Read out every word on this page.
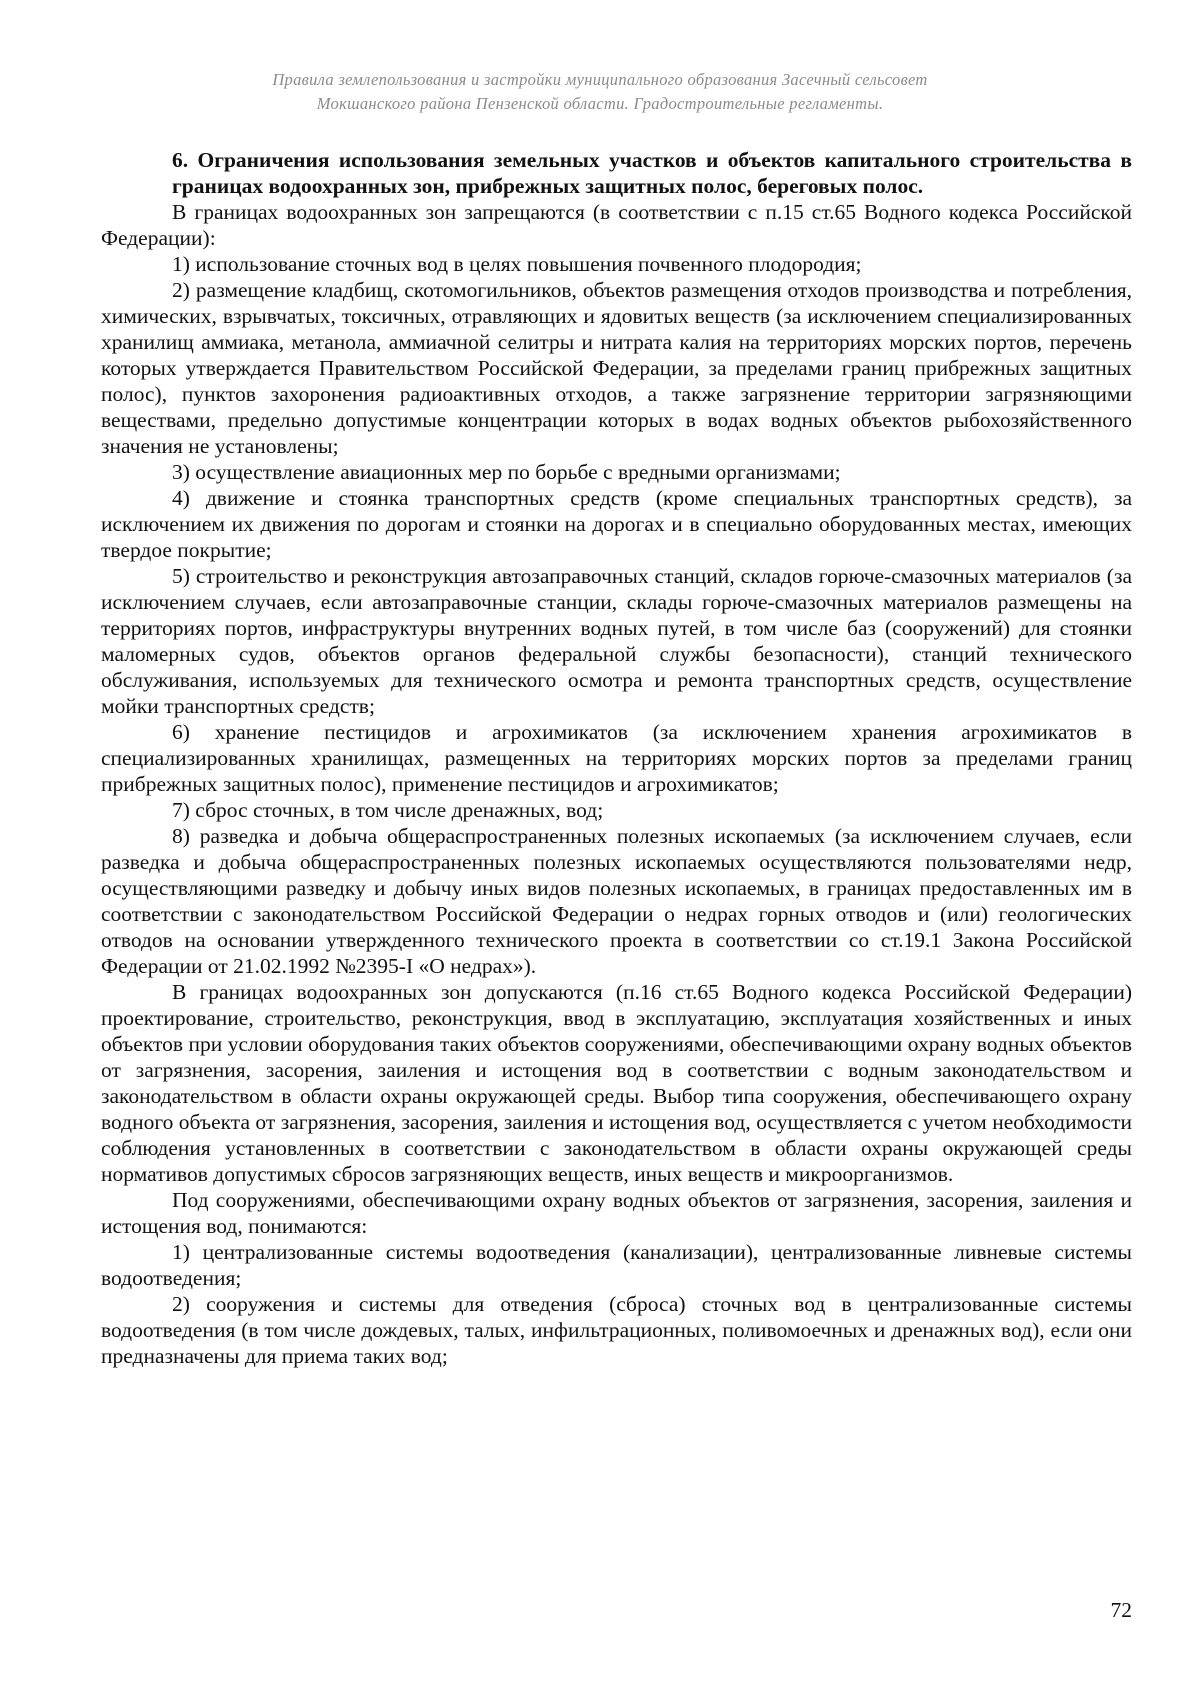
Правила землепользования и застройки муниципального образования Засечный сельсовет
Мокшанского района Пензенской области. Градостроительные регламенты.

6. Ограничения использования земельных участков и объектов капитального строительства в границах водоохранных зон, прибрежных защитных полос, береговых полос.

В границах водоохранных зон запрещаются (в соответствии с п.15 ст.65 Водного кодекса Российской Федерации):

1) использование сточных вод в целях повышения почвенного плодородия;

2) размещение кладбищ, скотомогильников, объектов размещения отходов производства и потребления, химических, взрывчатых, токсичных, отравляющих и ядовитых веществ (за исключением специализированных хранилищ аммиака, метанола, аммиачной селитры и нитрата калия на территориях морских портов, перечень которых утверждается Правительством Российской Федерации, за пределами границ прибрежных защитных полос), пунктов захоронения радиоактивных отходов, а также загрязнение территории загрязняющими веществами, предельно допустимые концентрации которых в водах водных объектов рыбохозяйственного значения не установлены;

3) осуществление авиационных мер по борьбе с вредными организмами;

4) движение и стоянка транспортных средств (кроме специальных транспортных средств), за исключением их движения по дорогам и стоянки на дорогах и в специально оборудованных местах, имеющих твердое покрытие;

5) строительство и реконструкция автозаправочных станций, складов горюче-смазочных материалов (за исключением случаев, если автозаправочные станции, склады горюче-смазочных материалов размещены на территориях портов, инфраструктуры внутренних водных путей, в том числе баз (сооружений) для стоянки маломерных судов, объектов органов федеральной службы безопасности), станций технического обслуживания, используемых для технического осмотра и ремонта транспортных средств, осуществление мойки транспортных средств;

6) хранение пестицидов и агрохимикатов (за исключением хранения агрохимикатов в специализированных хранилищах, размещенных на территориях морских портов за пределами границ прибрежных защитных полос), применение пестицидов и агрохимикатов;

7) сброс сточных, в том числе дренажных, вод;

8) разведка и добыча общераспространенных полезных ископаемых (за исключением случаев, если разведка и добыча общераспространенных полезных ископаемых осуществляются пользователями недр, осуществляющими разведку и добычу иных видов полезных ископаемых, в границах предоставленных им в соответствии с законодательством Российской Федерации о недрах горных отводов и (или) геологических отводов на основании утвержденного технического проекта в соответствии со ст.19.1 Закона Российской Федерации от 21.02.1992 №2395-I «О недрах»).

В границах водоохранных зон допускаются (п.16 ст.65 Водного кодекса Российской Федерации) проектирование, строительство, реконструкция, ввод в эксплуатацию, эксплуатация хозяйственных и иных объектов при условии оборудования таких объектов сооружениями, обеспечивающими охрану водных объектов от загрязнения, засорения, заиления и истощения вод в соответствии с водным законодательством и законодательством в области охраны окружающей среды. Выбор типа сооружения, обеспечивающего охрану водного объекта от загрязнения, засорения, заиления и истощения вод, осуществляется с учетом необходимости соблюдения установленных в соответствии с законодательством в области охраны окружающей среды нормативов допустимых сбросов загрязняющих веществ, иных веществ и микроорганизмов.

Под сооружениями, обеспечивающими охрану водных объектов от загрязнения, засорения, заиления и истощения вод, понимаются:

1) централизованные системы водоотведения (канализации), централизованные ливневые системы водоотведения;

2) сооружения и системы для отведения (сброса) сточных вод в централизованные системы водоотведения (в том числе дождевых, талых, инфильтрационных, поливомоечных и дренажных вод), если они предназначены для приема таких вод;

72
